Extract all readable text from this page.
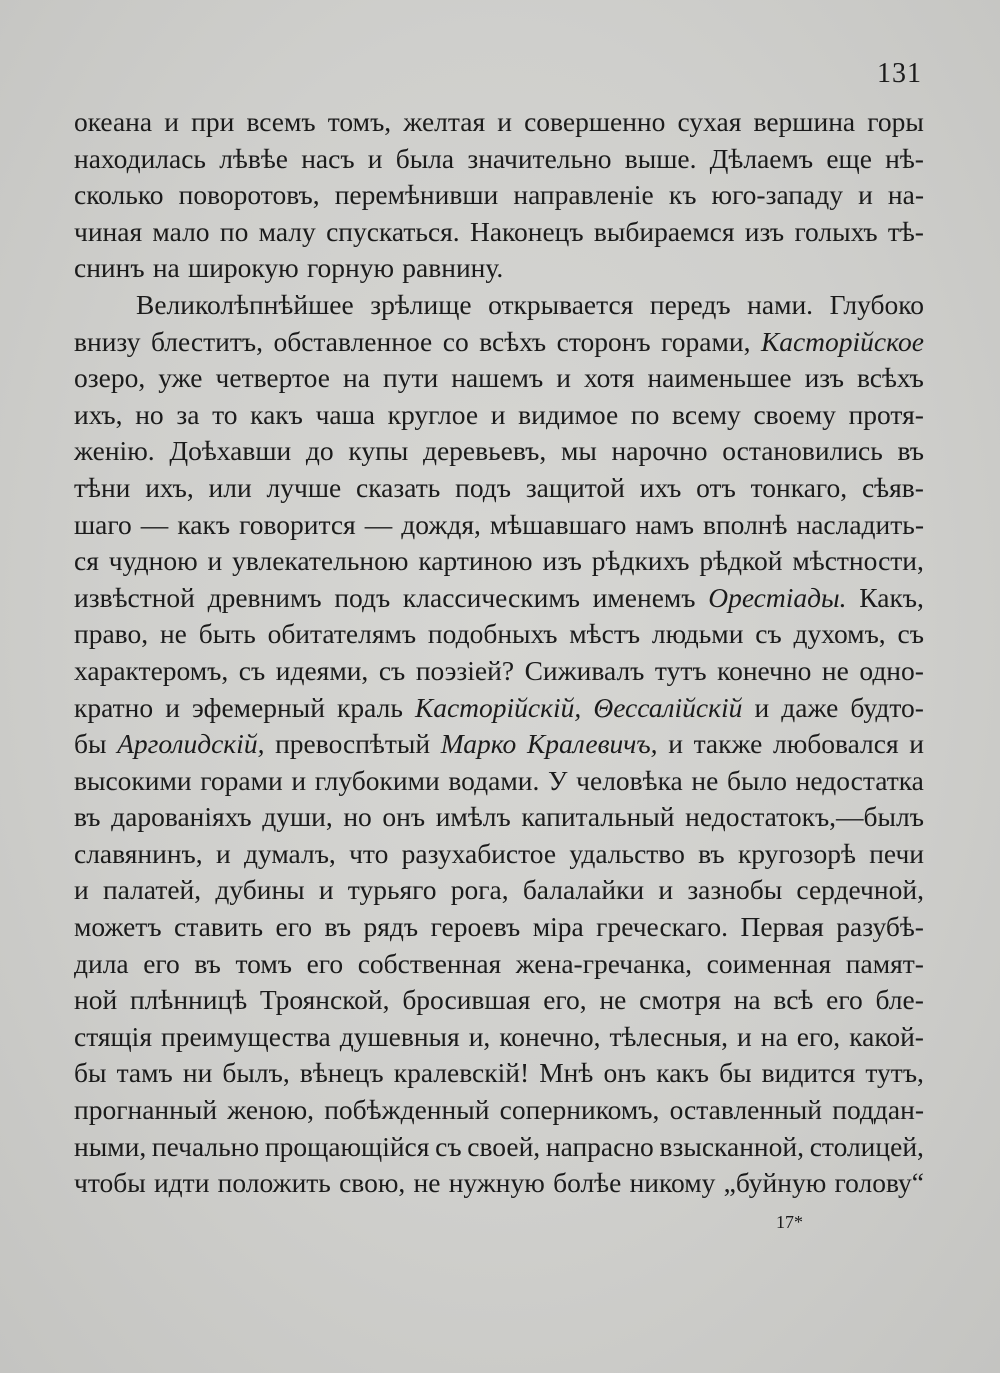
131
океана и при всемъ томъ, желтая и совершенно сухая вершина горы
находилась лѣвѣе насъ и была значительно выше. Дѣлаемъ еще нѣ-
сколько поворотовъ, перемѣнивши направленіе къ юго-западу и на-
чиная мало по малу спускаться. Наконецъ выбираемся изъ голыхъ тѣ-
снинъ на широкую горную равнину.
Великолѣпнѣйшее зрѣлище открывается передъ нами. Глубоко
внизу блеститъ, обставленное со всѣхъ сторонъ горами, Касторійское
озеро, уже четвертое на пути нашемъ и хотя наименьшее изъ всѣхъ
ихъ, но за то какъ чаша круглое и видимое по всему своему протя-
женію. Доѣхавши до купы деревьевъ, мы нарочно остановились въ
тѣни ихъ, или лучше сказать подъ защитой ихъ отъ тонкаго, сѣяв-
шаго — какъ говорится — дождя, мѣшавшаго намъ вполнѣ насладить-
ся чудною и увлекательною картиною изъ рѣдкихъ рѣдкой мѣстности,
извѣстной древнимъ подъ классическимъ именемъ Орестіады. Какъ,
право, не быть обитателямъ подобныхъ мѣстъ людьми съ духомъ, съ
характеромъ, съ идеями, съ поэзіей? Сиживалъ тутъ конечно не одно-
кратно и эфемерный краль Касторійскій, Θессалійскій и даже будто-
бы Арголидскій, превоспѣтый Марко Кралевичъ, и также любовался и
высокими горами и глубокими водами. У человѣка не было недостатка
въ дарованіяхъ души, но онъ имѣлъ капитальный недостатокъ,—былъ
славянинъ, и думалъ, что разухабистое удальство въ кругозорѣ печи
и палатей, дубины и турьяго рога, балалайки и зазнобы сердечной,
можетъ ставить его въ рядъ героевъ міра греческаго. Первая разубѣ-
дила его въ томъ его собственная жена-гречанка, соименная памят-
ной плѣнницѣ Троянской, бросившая его, не смотря на всѣ его бле-
стящія преимущества душевныя и, конечно, тѣлесныя, и на его, какой-
бы тамъ ни былъ, вѣнецъ кралевскій! Мнѣ онъ какъ бы видится тутъ,
прогнанный женою, побѣжденный соперникомъ, оставленный поддан-
ными, печально прощающійся съ своей, напрасно взысканной, столицей,
чтобы идти положить свою, не нужную болѣе никому „буйную голову“
17*
